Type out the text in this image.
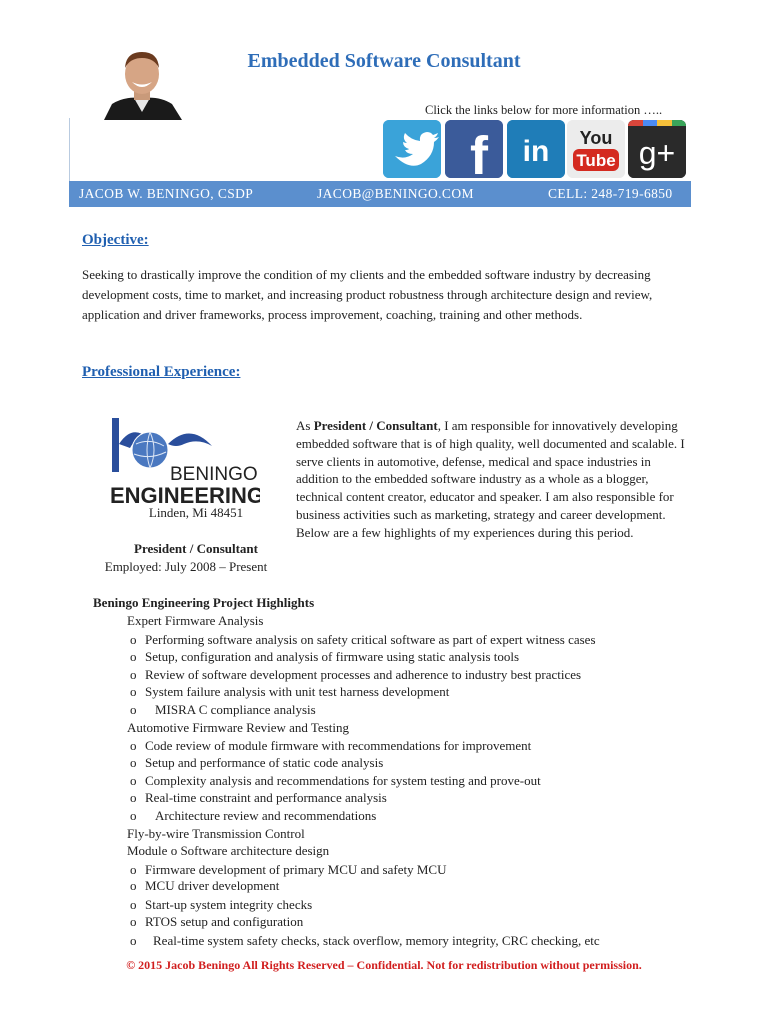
Embedded Software Consultant
Click the links below for more information …..
f in You
Tube g+
JACOB W. BENINGO, CSDP	JACOB@BENINGO.COM	CELL: 248-719-6850
Objective:
Seeking to drastically improve the condition of my clients and the embedded software industry by decreasing development costs, time to market, and increasing product robustness through architecture design and review, application and driver frameworks, process improvement, coaching, training and other methods.
Professional Experience:
BENINGO
ENGINEERING
Linden, Mi 48451
President / Consultant
Employed: July 2008 – Present
As President / Consultant, I am responsible for innovatively developing embedded software that is of high quality, well documented and scalable. I serve clients in automotive, defense, medical and space industries in addition to the embedded software industry as a whole as a blogger, technical content creator, educator and speaker. I am also responsible for business activities such as marketing, strategy and career development. Below are a few highlights of my experiences during this period.
Beningo Engineering Project Highlights
Expert Firmware Analysis
o Performing software analysis on safety critical software as part of expert witness cases
o Setup, configuration and analysis of firmware using static analysis tools
o Review of software development processes and adherence to industry best practices
o System failure analysis with unit test harness development
o MISRA C compliance analysis
Automotive Firmware Review and Testing
o Code review of module firmware with recommendations for improvement
o Setup and performance of static code analysis
o Complexity analysis and recommendations for system testing and prove-out
o Real-time constraint and performance analysis
o Architecture review and recommendations
Fly-by-wire Transmission Control
Module o Software architecture design
o Firmware development of primary MCU and safety MCU
o MCU driver development
o Start-up system integrity checks
o RTOS setup and configuration
o Real-time system safety checks, stack overflow, memory integrity, CRC checking, etc
© 2015 Jacob Beningo All Rights Reserved – Confidential. Not for redistribution without permission.
